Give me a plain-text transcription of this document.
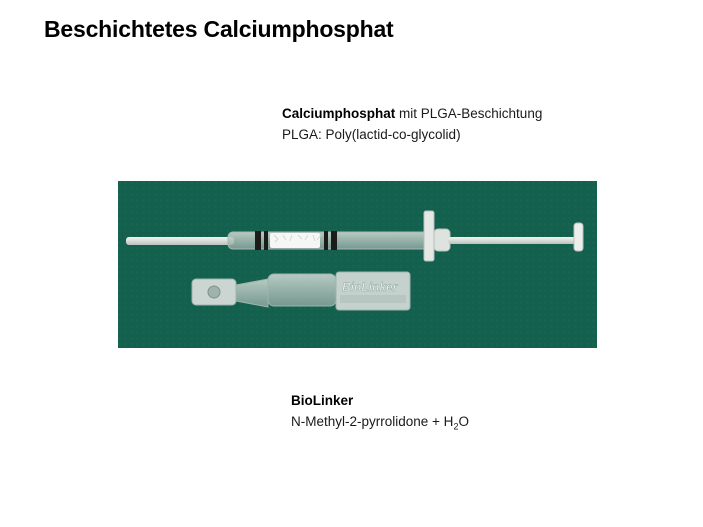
Beschichtetes Calciumphosphat
Calciumphosphat mit PLGA-Beschichtung
PLGA: Poly(lactid-co-glycolid)
BioLinker
BioLinker
N-Methyl-2-pyrrolidone + $H_2O$
